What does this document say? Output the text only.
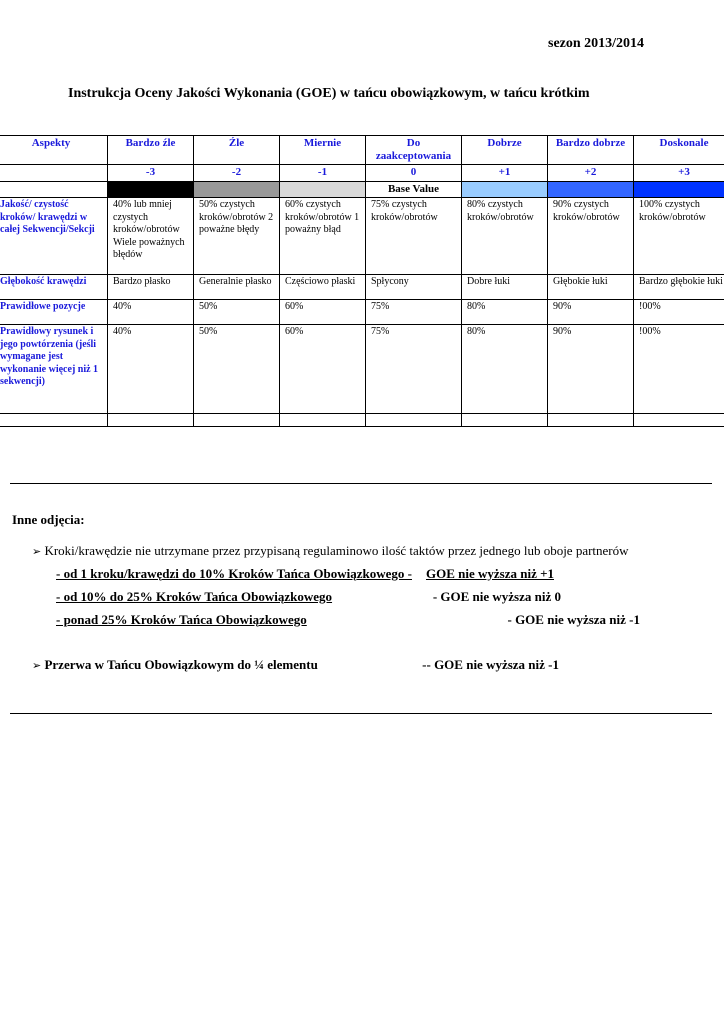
sezon 2013/2014
Instrukcja Oceny Jakości Wykonania (GOE) w tańcu obowiązkowym, w tańcu krótkim
Aspekty	Bardzo źle	Źle	Miernie	Do zaakceptowania	Dobrze	Bardzo dobrze	Doskonale
	-3	-2	-1	0	+1	+2	+3
				Base Value			
Jakość/ czystość kroków/ krawędzi w całej Sekwencji/Sekcji	40% lub mniej czystych kroków/obrotów Wiele poważnych błędów	50% czystych kroków/obrotów 2 poważne błędy	60% czystych kroków/obrotów 1 poważny błąd	75% czystych kroków/obrotów	80% czystych kroków/obrotów	90% czystych kroków/obrotów	100% czystych kroków/obrotów
Głębokość krawędzi	Bardzo płasko	Generalnie płasko	Częściowo płaski	Spłycony	Dobre łuki	Głębokie łuki	Bardzo głębokie łuki
Prawidłowe pozycje	40%	50%	60%	75%	80%	90%	!00%
Prawidłowy rysunek i jego powtórzenia (jeśli wymagane jest wykonanie więcej niż 1 sekwencji)	40%	50%	60%	75%	80%	90%	!00%

Inne odjęcia:
➢ Kroki/krawędzie nie utrzymane przez przypisaną regulaminowo ilość taktów przez jednego lub oboje partnerów
- od 1 kroku/krawędzi do 10% Kroków Tańca Obowiązkowego - GOE nie wyższa niż +1
- od 10% do 25% Kroków Tańca Obowiązkowego	- GOE nie wyższa niż 0
- ponad 25% Kroków Tańca Obowiązkowego	- GOE nie wyższa niż -1
➢ Przerwa w Tańcu Obowiązkowym do ¼ elementu	-- GOE nie wyższa niż -1
